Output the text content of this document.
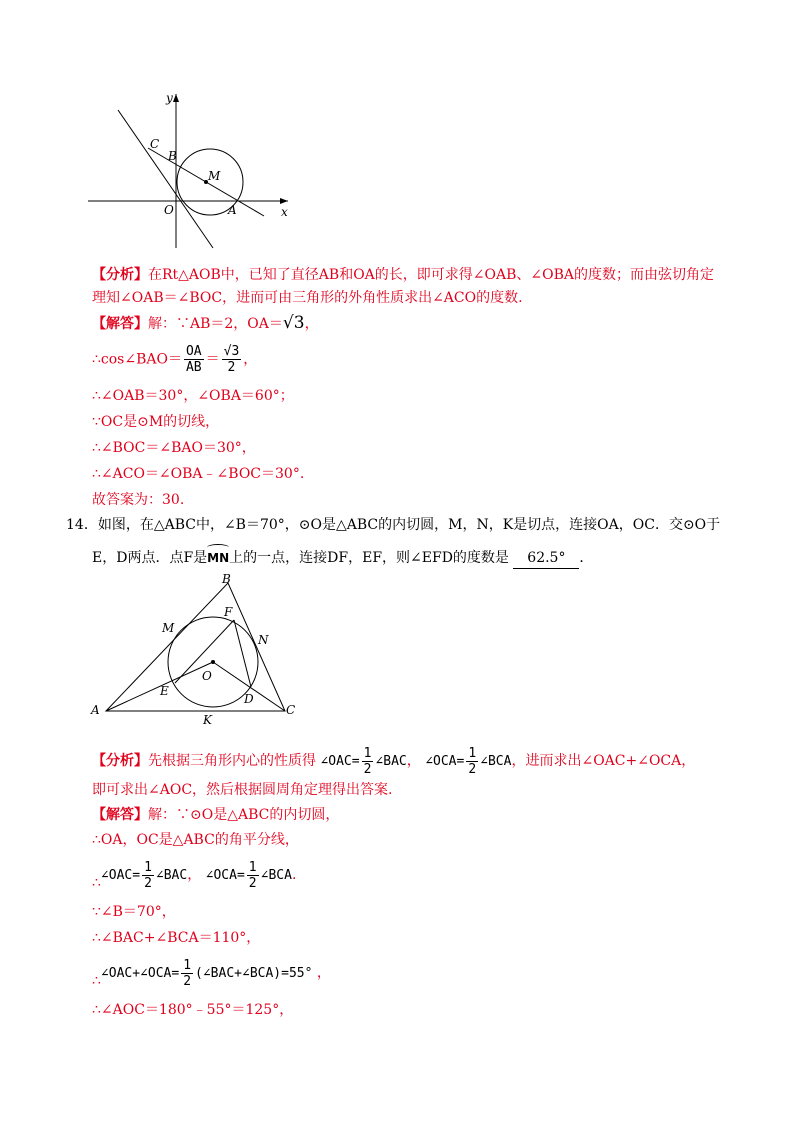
y
x
C
B
M
O	A
【分析】在Rt△AOB中，已知了直径AB和OA的长，即可求得∠OAB、∠OBA的度数；而由弦切角定
理知∠OAB＝∠BOC，进而可由三角形的外角性质求出∠ACO的度数.
【解答】解：∵AB＝2，OA＝√3，
∴cos∠BAO＝ $\frac{OA}{AB} = \frac{√3}{2}$ ，
∴∠OAB＝30°，∠OBA＝60°；
∵OC是⊙M的切线，
∴∠BOC＝∠BAO＝30°，
∴∠ACO＝∠OBA﹣∠BOC＝30°.
故答案为：30.
14．如图，在△ABC中，∠B＝70°，⊙O是△ABC的内切圆，M，N，K是切点，连接OA，OC．交⊙O于
E，D两点．点F是MN上的一点，连接DF，EF，则∠EFD的度数是 62.5° ．
B
F
M
N
O
E
D
A
K
C
【分析】先根据三角形内心的性质得 ∠OAC= $\frac{1}{2}$ ∠BAC， ∠OCA= $\frac{1}{2}$ ∠BCA，进而求出∠OAC+∠OCA，
即可求出∠AOC，然后根据圆周角定理得出答案.
【解答】解：∵⊙O是△ABC的内切圆，
∴OA，OC是△ABC的角平分线，
∴∠OAC= $\frac{1}{2}$ ∠BAC， ∠OCA= $\frac{1}{2}$ ∠BCA.
∵∠B＝70°，
∴∠BAC+∠BCA＝110°，
∴∠OAC+∠OCA= $\frac{1}{2}$ (∠BAC+∠BCA)=55° ，
∴∠AOC＝180°﹣55°＝125°，
